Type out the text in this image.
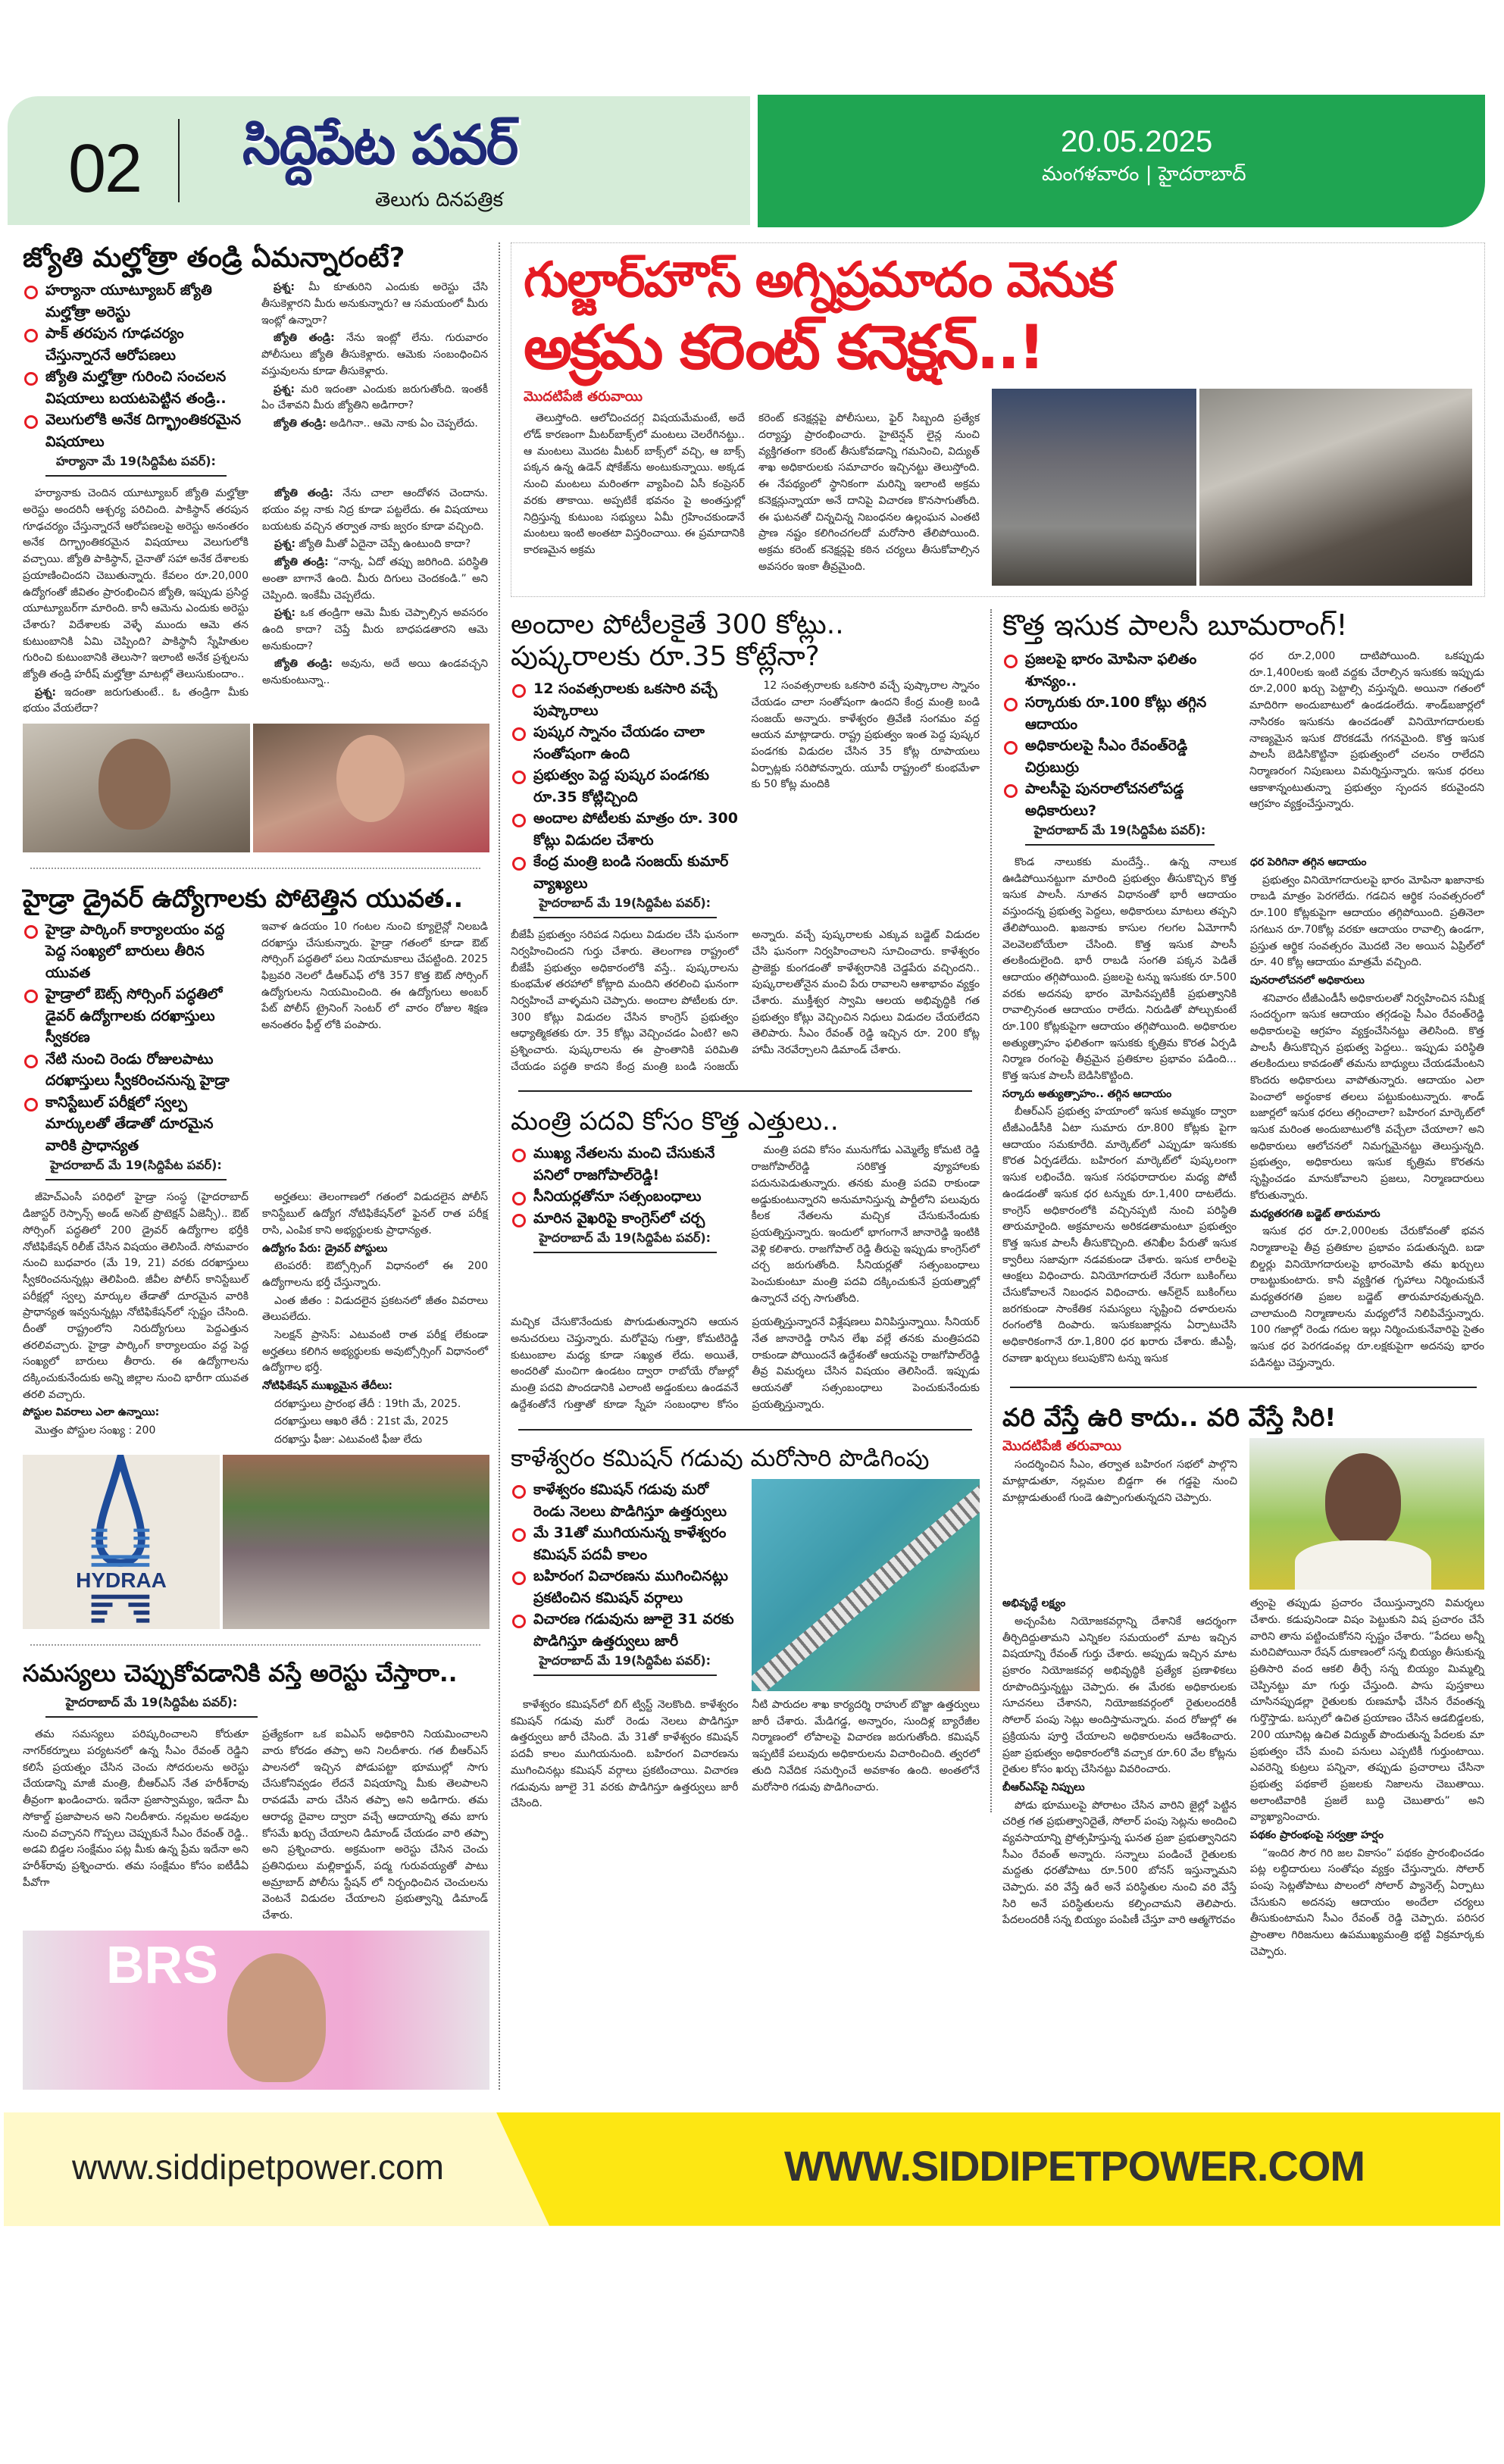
02 సిద్దిపేట పవర్
తెలుగు దినపత్రిక
20.05.2025
మంగళవారం | హైదరాబాద్
జ్యోతి మల్హోత్రా తండ్రి ఏమన్నారంటే?
హర్యానా యూట్యూబర్ జ్యోతి మల్హోత్రా అరెస్టు
పాక్ తరపున గూఢచర్యం చేస్తున్నారనే ఆరోపణలు
జ్యోతి మల్హోత్రా గురించి సంచలన విషయాలు బయటపెట్టిన తండ్రి..
వెలుగులోకి అనేక దిగ్భ్రాంతికరమైన విషయాలు
హర్యానా మే 19(సిద్దిపేట పవర్):

ప్రశ్న: మీ కూతురిని ఎందుకు అరెస్టు చేసి తీసుకెళ్లారని మీరు అనుకున్నారు? ఆ సమయంలో మీరు ఇంట్లో ఉన్నారా?

జ్యోతి తండ్రి: నేను ఇంట్లో లేను. గురువారం పోలీసులు జ్యోతి తీసుకెళ్లారు. ఆమెకు సంబంధించిన వస్తువులను కూడా తీసుకెళ్లారు.

ప్రశ్న: మరి ఇదంతా ఎందుకు జరుగుతోంది. ఇంతకీ ఏం చేశావని మీరు జ్యోతిని అడిగారా?

జ్యోతి తండ్రి: అడిగినా.. ఆమె నాకు ఏం చెప్పలేదు.

హర్యానాకు చెందిన యూట్యూబర్ జ్యోతి మల్హోత్రా అరెస్టు అందరినీ ఆశ్చర్య పరిచింది. పాకిస్థాన్ తరపున గూఢచర్యం చేస్తున్నారనే ఆరోపణలపై అరెస్టు అనంతరం అనేక దిగ్భ్రాంతికరమైన విషయాలు వెలుగులోకి వచ్చాయి. జ్యోతి పాకిస్థాన్, చైనాతో సహా అనేక దేశాలకు ప్రయాణించిందని చెబుతున్నారు. కేవలం రూ.20,000 ఉద్యోగంతో జీవితం ప్రారంభించిన జ్యోతి, ఇప్పుడు ప్రసిద్ధ యూట్యూబర్‌గా మారింది. కానీ ఆమెను ఎందుకు అరెస్టు చేశారు? విదేశాలకు వెళ్ళే ముందు ఆమె తన కుటుంబానికి ఏమి చెప్పింది? పాకిస్థానీ స్నేహితుల గురించి కుటుంబానికి తెలుసా? ఇలాంటి అనేక ప్రశ్నలను జ్యోతి తండ్రి హరీష్ మల్హోత్రా మాటల్లో తెలుసుకుందాం..

ప్రశ్న: ఇదంతా జరుగుతుంటే.. ఓ తండ్రిగా మీకు భయం వేయలేదా?

జ్యోతి తండ్రి: నేను చాలా ఆందోళన చెందాను. భయం వల్ల నాకు నిద్ర కూడా పట్టలేదు. ఈ విషయాలు బయటకు వచ్చిన తర్వాత నాకు జ్వరం కూడా వచ్చింది.

ప్రశ్న: జ్యోతి మీతో ఏదైనా చెప్పే ఉంటుంది కాదా?

జ్యోతి తండ్రి: “నాన్న, ఏదో తప్పు జరిగింది. పరిస్థితి అంతా బాగానే ఉంది. మీరు దిగులు చెందకండి.” అని చెప్పింది. ఇంకేమీ చెప్పలేదు.

ప్రశ్న: ఒక తండ్రిగా ఆమె మీకు చెప్పాల్సిన అవసరం ఉంది కాదా? చెప్తే మీరు బాధపడతారని ఆమె అనుకుందా?

జ్యోతి తండ్రి: అవును, అదే అయి ఉండవచ్చని అనుకుంటున్నా..

హైడ్రా డ్రైవర్ ఉద్యోగాలకు పోటెత్తిన యువత..
హైడ్రా పార్కింగ్ కార్యాలయం వద్ద పెద్ద సంఖ్యలో బారులు తీరిన యువత
హైడ్రాలో ఔట్స్ సోర్సింగ్ పద్ధతిలో డైవర్ ఉద్యోగాలకు దరఖాస్తులు స్వీకరణ
నేటి నుంచి రెండు రోజులపాటు దరఖాస్తులు స్వీకరించనున్న హైడ్రా
కానిస్టేబుల్ పరీక్షలో స్వల్ప మార్కులతో తేడాతో దూరమైన వారికి ప్రాధాన్యత
హైదరాబాద్ మే 19(సిద్దిపేట పవర్):

ఇవాళ ఉదయం 10 గంటల నుంచి క్యూలైన్లో నిలబడి దరఖాస్తు చేసుకున్నారు. హైడ్రా గతంలో కూడా ఔట్ సోర్సింగ్ పద్ధతిలో పలు నియామకాలు చేపట్టింది. 2025 ఫిబ్రవరి నెలలో డీఆర్ఎఫ్ లోకి 357 కొత్త ఔట్ సోర్సింగ్ ఉద్యోగులను నియమించింది. ఈ ఉద్యోగులు అంబర్ పేట్ పోలీస్ ట్రైనింగ్ సెంటర్ లో వారం రోజుల శిక్షణ అనంతరం ఫీల్డ్ లోకి పంపారు.

జీహెచ్ఎంసీ పరిధిలో హైడ్రా సంస్థ (హైదరాబాద్ డిజాస్టర్ రెస్పాన్స్ అండ్ అసెట్ ప్రొటెక్షన్ ఏజెన్సీ).. ఔట్ సోర్సింగ్ పద్ధతిలో 200 డ్రైవర్ ఉద్యోగాల భర్తీకి నోటిఫికేషన్ రిలీజ్ చేసిన విషయం తెలిసిందే. సోమవారం నుంచి బుధవారం (మే 19, 21) వరకు దరఖాస్తులు స్వీకరించనున్నట్లు తెలిపింది. జీవీల పోలీస్ కానిస్టేబుల్ పరీక్షల్లో స్వల్ప మార్కుల తేడాతో దూరమైన వారికి ప్రాధాన్యత ఇవ్వనున్నట్లు నోటిఫికేషన్‌లో స్పష్టం చేసింది. దీంతో రాష్ట్రంలోని నిరుద్యోగులు పెద్దఎత్తున తరలివచ్చారు. హైడ్రా పార్కింగ్ కార్యాలయం వద్ద పెద్ద సంఖ్యలో బారులు తీరారు. ఈ ఉద్యోగాలను దక్కించుకునేందుకు అన్ని జిల్లాల నుంచి భారీగా యువత తరలి వచ్చారు.

పోస్టుల వివరాలు ఎలా ఉన్నాయి:

మొత్తం పోస్టుల సంఖ్య : 200

అర్హతలు: తెలంగాణలో గతంలో విడుదలైన పోలీస్ కానిస్టేబుల్ ఉద్యోగ నోటిఫికేషన్‌లో ఫైనల్ రాత పరీక్ష రాసి, ఎంపిక కాని అభ్యర్థులకు ప్రాధాన్యత.

ఉద్యోగం పేరు: డ్రైవర్ పోస్టులు

టెంపరరీ: ఔట్సోర్సింగ్ విధానంలో ఈ 200 ఉద్యోగాలను భర్తీ చేస్తున్నారు.

ఎంత జీతం : విడుదలైన ప్రకటనలో జీతం వివరాలు తెలుపలేదు.

సెలక్షన్ ప్రాసెస్: ఎటువంటి రాత పరీక్ష లేకుండా అర్హతలు కలిగిన అభ్యర్థులకు అవుట్సోర్సింగ్ విధానంలో ఉద్యోగాల భర్తీ.

నోటిఫికేషన్ ముఖ్యమైన తేదీలు:

దరఖాస్తులు ప్రారంభ తేదీ : 19th మే, 2025.

దరఖాస్తులు ఆఖరి తేదీ : 21st మే, 2025

దరఖాస్తు ఫీజు: ఎటువంటి ఫీజు లేదు

HYDRAA
సమస్యలు చెప్పుకోవడానికి వస్తే అరెస్టు చేస్తారా..
హైదరాబాద్ మే 19(సిద్దిపేట పవర్):

తమ సమస్యలు పరిష్కరించాలని కోరుతూ నాగర్‌కర్నూలు పర్యటనలో ఉన్న సీఎం రేవంత్ రెడ్డిని కలిసే ప్రయత్నం చేసిన చెంచు సోదరులను అరెస్టు చేయడాన్ని మాజీ మంత్రి, బీఆర్ఎస్ నేత హరీశ్‌రావు తీవ్రంగా ఖండించారు. ఇదేనా ప్రజాస్వామ్యం, ఇదేనా మీ సోకాల్డ్ ప్రజాపాలన అని నిలదీశారు. నల్లమల అడవుల నుంచి వచ్చానని గొప్పలు చెప్పుకునే సీఎం రేవంత్ రెడ్డి.. అడవి బిడ్డల సంక్షేమం పట్ల మీకు ఉన్న ప్రేమ ఇదేనా అని హరీశ్‌రావు ప్రశ్నించారు. తమ సంక్షేమం కోసం ఐటీడీఏ పీవోగా

ప్రత్యేకంగా ఒక ఐఏఎస్ అధికారిని నియమించాలని వారు కోరడం తప్పా అని నిలదీశారు. గత బీఆర్ఎస్ పాలనలో ఇచ్చిన పోడుపట్టా భూముల్లో సాగు చేసుకోనివ్వడం లేదనే విషయాన్ని మీకు తెలపాలని రావడమే వారు చేసిన తప్పా అని అడిగారు. తమ ఆరాధ్య దైవాల ద్వారా వచ్చే ఆదాయాన్ని తమ బాగు కోసమే ఖర్చు చేయాలని డిమాండ్ చేయడం వారి తప్పా అని ప్రశ్నించారు. అక్రమంగా అరెస్టు చేసిన చెంచు ప్రతినిధులు మల్లికార్జున్, పద్మ గురువయ్యతో పాటు అమ్రాబాద్ పోలీసు స్టేషన్ లో నిర్బంధించిన చెంచులను వెంటనే విడుదల చేయాలని ప్రభుత్వాన్ని డిమాండ్ చేశారు.

BRS
గుల్జార్‌హౌస్ అగ్నిప్రమాదం వెనుక
అక్రమ కరెంట్ కనెక్షన్..!
మొదటిపేజీ తరువాయి

తెలుస్తోంది. ఆలోచించదగ్గ విషయమేమంటే, అదే లోడ్ కారణంగా మీటర్‌బాక్స్‌లో మంటలు చెలరేగినట్టు.. ఆ మంటలు మొదట మీటర్ బాక్స్‌లో వచ్చి, ఆ బాక్స్ పక్కన ఉన్న ఉడెన్ షోకేజ్‌ను అంటుకున్నాయి. అక్కడ నుంచి మంటలు మరింతగా వ్యాపించి ఏసీ కంప్రెసర్ వరకు తాకాయి. అప్పటికే భవనం పై అంతస్తుల్లో నిద్రిస్తున్న కుటుంబ సభ్యులు ఏమీ గ్రహించకుండానే మంటలు ఇంటి అంతటా విస్తరించాయి. ఈ ప్రమాదానికి కారణమైన అక్రమ

కరెంట్ కనెక్షన్లపై పోలీసులు, ఫైర్ సిబ్బంది ప్రత్యేక దర్యాప్తు ప్రారంభించారు. హైటెన్షన్ లైన్ల నుంచి వ్యక్తిగతంగా కరెంట్ తీసుకోవడాన్ని గమనించి, విద్యుత్ శాఖ అధికారులకు సమాచారం ఇచ్చినట్టు తెలుస్తోంది. ఈ నేపథ్యంలో స్థానికంగా మరిన్ని ఇలాంటి అక్రమ కనెక్షన్లున్నాయా అనే దానిపై విచారణ కొనసాగుతోంది. ఈ ఘటనతో చిన్నచిన్న నిబంధనల ఉల్లంఘన ఎంతటి ప్రాణ నష్టం కలిగించగలదో మరోసారి తేలిపోయింది. అక్రమ కరెంట్ కనెక్షన్లపై కఠిన చర్యలు తీసుకోవాల్సిన అవసరం ఇంకా తీవ్రమైంది.

అందాల పోటీలకైతే 300 కోట్లు.. పుష్కరాలకు రూ.35 కోట్లేనా?
12 సంవత్సరాలకు ఒకసారి వచ్చే పుష్కారాలు
పుష్కర స్నానం చేయడం చాలా సంతోషంగా ఉంది
ప్రభుత్వం పెద్ద పుష్కర పండగకు రూ.35 కోట్లిచ్చింది
అందాల పోటీలకు మాత్రం రూ. 300 కోట్లు విడుదల చేశారు
కేంద్ర మంత్రి బండి సంజయ్ కుమార్ వ్యాఖ్యలు
హైదరాబాద్ మే 19(సిద్దిపేట పవర్):

12 సంవత్సరాలకు ఒకసారి వచ్చే పుష్కారాల స్నానం చేయడం చాలా సంతోషంగా ఉందని కేంద్ర మంత్రి బండి సంజయ్ అన్నారు. కాళేశ్వరం త్రివేణి సంగమం వద్ద ఆయన మాట్లాడారు. రాష్ట్ర ప్రభుత్వం ఇంత పెద్ద పుష్కర పండగకు విడుదల చేసిన 35 కోట్ల రూపాయలు ఏర్పాట్లకు సరిపోవన్నారు. యూపీ రాష్ట్రంలో కుంభమేళా కు 50 కోట్ల మందికి

బీజేపీ ప్రభుత్వం సరిపడ నిధులు విడుదల చేసి ఘనంగా నిర్వహించిందని గుర్తు చేశారు. తెలంగాణ రాష్ట్రంలో బీజేపీ ప్రభుత్వం అధికారంలోకి వస్తే.. పుష్కరాలను కుంభమేళ తరహాలో కోట్లాది మందిని తరలించి ఘనంగా నిర్వహించే వాళ్ళమని చెప్పారు. అందాల పోటీలకు రూ. 300 కోట్లు విడుదల చేసిన కాంగ్రెస్ ప్రభుత్వం ఆధ్యాత్మికతకు రూ. 35 కోట్లు వెచ్చించడం ఏంటి? అని ప్రశ్నించారు. పుష్కరాలను ఈ ప్రాంతానికి పరిమితి చేయడం పద్ధతి కాదని కేంద్ర మంత్రి బండి సంజయ్ అన్నారు. వచ్చే పుష్కరాలకు ఎక్కువ బడ్జెట్ విడుదల చేసి ఘనంగా నిర్వహించాలని సూచించారు. కాళేశ్వరం ప్రాజెక్టు కుంగడంతో కాళేశ్వరానికి చెడ్డపేరు వచ్చిందని.. పుష్కరాలతోనైన మంచి పేరు రావాలని ఆశాభావం వ్యక్తం చేశారు. ముక్తీశ్వర స్వామి ఆలయ అభివృద్ధికి గత ప్రభుత్వం కోట్లు వెచ్చించిన నిధులు విడుదల చేయలేదని తెలిపారు. సీఎం రేవంత్ రెడ్డి ఇచ్చిన రూ. 200 కోట్ల హామీ నెరవేర్చాలని డిమాండ్ చేశారు.

మంత్రి పదవి కోసం కొత్త ఎత్తులు..
ముఖ్య నేతలను మంచి చేసుకునే పనిలో రాజగోపాల్‌రెడ్డి!
సీనియర్లతోనూ సత్సంబంధాలు
మారిన వైఖరిపై కాంగ్రెస్‌లో చర్చ
హైదరాబాద్ మే 19(సిద్దిపేట పవర్):

మంత్రి పదవి కోసం మునుగోడు ఎమ్మెల్యే కోమటి రెడ్డి రాజగోపాల్‌రెడ్డి సరికొత్త వ్యూహాలకు పదునుపెడుతున్నారు. తనకు మంత్రి పదవి రాకుండా అడ్డుకుంటున్నారని అనుమానిస్తున్న పార్టీలోని పలువురు కీలక నేతలను మచ్చిక చేసుకునేందుకు ప్రయత్నిస్తున్నారు. ఇందులో భాగంగానే జానారెడ్డి ఇంటికి వెళ్లి కలిశారు. రాజగోపాల్ రెడ్డి తీరుపై ఇప్పుడు కాంగ్రెస్‌లో చర్చ జరుగుతోంది. సీనియర్లతో సత్సంబంధాలు పెంచుకుంటూ మంత్రి పదవి దక్కించుకునే ప్రయత్నాల్లో ఉన్నారనే చర్చ సాగుతోంది.

మచ్చిక చేసుకొనేందుకు పొగుడుతున్నారని ఆయన అనుచరులు చెప్తున్నారు. మరోవైపు గుత్తా, కోమటిరెడ్డి కుటుంబాల మధ్య కూడా సఖ్యత లేదు. అయితే, అందరితో మంచిగా ఉండటం ద్వారా రాబోయే రోజుల్లో మంత్రి పదవి పొందడానికి ఎలాంటి అడ్డంకులు ఉండవనే ఉద్దేశంతోనే గుత్తాతో కూడా స్నేహ సంబంధాల కోసం ప్రయత్నిస్తున్నారనే విశ్లేషణలు వినిపిస్తున్నాయి. సీనియర్ నేత జానారెడ్డి రాసిన లేఖ వల్లే తనకు మంత్రిపదవి రాకుండా పోయిందనే ఉద్దేశంతో ఆయనపై రాజగోపాల్‌రెడ్డి తీవ్ర విమర్శలు చేసిన విషయం తెలిసిందే. ఇప్పుడు ఆయనతో సత్సంబంధాలు పెంచుకునేందుకు ప్రయత్నిస్తున్నారు.

కాళేశ్వరం కమిషన్ గడువు మరోసారి పొడిగింపు
కాళేశ్వరం కమిషన్ గడువు మరో రెండు నెలలు పొడిగిస్తూ ఉత్తర్వులు
మే 31తో ముగియనున్న కాళేశ్వరం కమిషన్ పదవీ కాలం
బహిరంగ విచారణను ముగించినట్లు ప్రకటించిన కమిషన్ వర్గాలు
విచారణ గడువును జూలై 31 వరకు పొడిగిస్తూ ఉత్తర్వులు జారీ
హైదరాబాద్ మే 19(సిద్దిపేట పవర్):

కాళేశ్వరం కమిషన్‌లో బిగ్ ట్విస్ట్ నెలకొంది. కాళేశ్వరం కమిషన్ గడువు మరో రెండు నెలలు పొడిగిస్తూ ఉత్తర్వులు జారీ చేసింది. మే 31తో కాళేశ్వరం కమిషన్ పదవీ కాలం ముగియనుంది. బహిరంగ విచారణను ముగించినట్లు కమిషన్ వర్గాలు ప్రకటించాయి. విచారణ గడువును జూలై 31 వరకు పొడిగిస్తూ ఉత్తర్వులు జారీ చేసింది.

నీటి పారుదల శాఖ కార్యదర్శి రాహుల్ బొజ్జా ఉత్తర్వులు జారీ చేశారు. మేడిగడ్డ, అన్నారం, సుందిళ్ల బ్యారేజీల నిర్మాణంలో లోపాలపై విచారణ జరుగుతోంది. కమిషన్ ఇప్పటికే పలువురు అధికారులను విచారించింది. త్వరలో తుది నివేదిక సమర్పించే అవకాశం ఉంది. అంతలోనే మరోసారి గడువు పొడిగించారు.

కొత్త ఇసుక పాలసీ బూమరాంగ్!
ప్రజలపై భారం మోపినా ఫలితం శూన్యం..
సర్కారుకు రూ.100 కోట్లు తగ్గిన ఆదాయం
అధికారులపై సీఎం రేవంత్‌రెడ్డి చిర్రుబుర్రు
పాలసీపై పునరాలోచనలోపడ్డ అధికారులు?
హైదరాబాద్ మే 19(సిద్దిపేట పవర్):

ధర రూ.2,000 దాటిపోయింది. ఒకప్పుడు రూ.1,400లకు ఇంటి వద్దకు చేరాల్సిన ఇసుకకు ఇప్పుడు రూ.2,000 ఖర్చు పెట్టాల్సి వస్తున్నది. అయినా గతంలో మాదిరిగా అందుబాటులో ఉండడంలేదు. శాండ్‌బజార్లలో నాసిరకం ఇసుకను ఉంచడంతో వినియోగదారులకు నాణ్యమైన ఇసుక దొరకడమే గగనమైంది. కొత్త ఇసుక పాలసీ బెడిసికొట్టినా ప్రభుత్వంలో చలనం రాలేదని నిర్మాణరంగ నిపుణులు విమర్శిస్తున్నారు. ఇసుక ధరలు ఆకాశాన్నంటుతున్నా ప్రభుత్వం స్పందన కరువైందని ఆగ్రహం వ్యక్తంచేస్తున్నారు.

కొండ నాలుకకు మందేస్తే.. ఉన్న నాలుక ఊడిపోయినట్టుగా మారింది ప్రభుత్వం తీసుకొచ్చిన కొత్త ఇసుక పాలసీ. నూతన విధానంతో భారీ ఆదాయం వస్తుందన్న ప్రభుత్వ పెద్దలు, అధికారులు మాటలు తప్పని తేలిపోయింది. ఖజనాకు కాసుల గలగల ఏమోగానీ వెలవెలబోయేలా చేసింది. కొత్త ఇసుక పాలసీ తలకిందులైంది. భారీ రాబడి సంగతి పక్కన పెడితే ఆదాయం తగ్గిపోయింది. ప్రజలపై టన్ను ఇసుకకు రూ.500 వరకు అదనపు భారం మోపినప్పటికీ ప్రభుత్వానికి రావాల్సినంత ఆదాయం రాలేదు. నిరుడితో పోల్చుకుంటే రూ.100 కోట్లకుపైగా ఆదాయం తగ్గిపోయింది. అధికారుల అత్యుత్సాహం ఫలితంగా ఇసుకకు కృత్రిమ కొరత ఏర్పడి నిర్మాణ రంగంపై తీవ్రమైన ప్రతికూల ప్రభావం పడింది... కొత్త ఇసుక పాలసీ బెడిసికొట్టింది.

సర్కారు అత్యుత్సాహం.. తగ్గిన ఆదాయం

బీఆర్ఎస్ ప్రభుత్వ హయాంలో ఇసుక అమ్మకం ద్వారా టీజీఎండీసీకి ఏటా సుమారు రూ.800 కోట్లకు పైగా ఆదాయం సమకూరేది. మార్కెట్‌లో ఎప్పుడూ ఇసుకకు కొరత ఏర్పడలేదు. బహిరంగ మార్కెట్‌లో పుష్కలంగా ఇసుక లభించేది. ఇసుక సరఫరాదారుల మధ్య పోటీ ఉండడంతో ఇసుక ధర టన్నుకు రూ.1,400 దాటలేదు. కాంగ్రెస్ అధికారంలోకి వచ్చినప్పటి నుంచి పరిస్థితి తారుమారైంది. అక్రమాలను అరికడతామంటూ ప్రభుత్వం కొత్త ఇసుక పాలసీ తీసుకొచ్చింది. తనిఖీల పేరుతో ఇసుక క్వారీలు సజావుగా నడవకుండా చేశారు. ఇసుక లారీలపై ఆంక్షలు విధించారు. వినియోగదారులే నేరుగా బుకింగ్‌లు చేసుకోవాలనే నిబంధన విధించారు. ఆన్‌లైన్ బుకింగ్‌లు జరగకుండా సాంకేతిక సమస్యలు సృష్టించి దళారులను రంగంలోకి దింపారు. ఇసుకబజార్లను ఏర్పాటుచేసి అధికారికంగానే రూ.1,800 ధర ఖరారు చేశారు. జీఎస్టీ, రవాణా ఖర్చులు కలుపుకొని టన్ను ఇసుక

ధర పెరిగినా తగ్గిన ఆదాయం

ప్రభుత్వం వినియోగదారులపై భారం మోపినా ఖజానాకు రాబడి మాత్రం పెరగలేదు. గడచిన ఆర్థిక సంవత్సరంలో రూ.100 కోట్లకుపైగా ఆదాయం తగ్గిపోయింది. ప్రతినెలా సగటున రూ.70కోట్ల వరకూ ఆదాయం రావాల్సి ఉండగా, ప్రస్తుత ఆర్థిక సంవత్సరం మొదటి నెల అయిన ఏప్రిల్‌లో రూ. 40 కోట్ల ఆదాయం మాత్రమే వచ్చింది.

పునరాలోచనలో అధికారులు

శనివారం టీజీఎండీసీ అధికారులతో నిర్వహించిన సమీక్ష సందర్భంగా ఇసుక ఆదాయం తగ్గడంపై సీఎం రేవంత్‌రెడ్డి అధికారులపై ఆగ్రహం వ్యక్తంచేసినట్టు తెలిసింది. కొత్త పాలసీ తీసుకొచ్చిన ప్రభుత్వ పెద్దలు.. ఇప్పుడు పరిస్థితి తలకిందులు కావడంతో తమను బాధ్యులు చేయడమేంటని కొందరు అధికారులు వాపోతున్నారు. ఆదాయం ఎలా పెంచాలో అర్థంకాక తలలు పట్టుకుంటున్నారు. శాండ్ బజార్లలో ఇసుక ధరలు తగ్గించాలా? బహిరంగ మార్కెట్‌లో ఇసుక మరింత అందుబాటులోకి వచ్చేలా చేయాలా? అని అధికారులు ఆలోచనలో నిమగ్నమైనట్టు తెలుస్తున్నది. ప్రభుత్వం, అధికారులు ఇసుక కృత్రిమ కొరతను సృష్టించడం మానుకోవాలని ప్రజలు, నిర్మాణదారులు కోరుతున్నారు.

మధ్యతరగతి బడ్జెట్ తారుమారు

ఇసుక ధర రూ.2,000లకు చేరుకోవంతో భవన నిర్మాణాలపై తీవ్ర ప్రతికూల ప్రభావం పడుతున్నది. బడా బిల్డర్లు వినియోగదారులపై భారంమోపి తమ ఖర్చులు రాబట్టుకుంటారు. కానీ వ్యక్తిగత గృహాలు నిర్మించుకునే మధ్యతరగతి ప్రజల బడ్జెట్ తారుమారవుతున్నది. చాలామంది నిర్మాణాలను మధ్యలోనే నిలిపివేస్తున్నారు. 100 గజాల్లో రెండు గదుల ఇల్లు నిర్మించుకునేవారిపై సైతం ఇసుక ధర పెరగడంవల్ల రూ.లక్షకుపైగా అదనపు భారం పడినట్టు చెప్తున్నారు.

వరి వేస్తే ఉరి కాదు.. వరి వేస్తే సిరి!
మొదటిపేజీ తరువాయి

సందర్శించిన సీఎం, తర్వాత బహిరంగ సభలో పాల్గొని మాట్లాడుతూ, నల్లమల బిడ్డగా ఈ గడ్డపై నుంచి మాట్లాడుతుంటే గుండె ఉప్పొంగుతున్నదని చెప్పారు.

అభివృద్ధే లక్ష్యం

అచ్చంపేట నియోజకవర్గాన్ని దేశానికే ఆదర్శంగా తీర్చిదిద్దుతామని ఎన్నికల సమయంలో మాట ఇచ్చిన విషయాన్ని రేవంత్ గుర్తు చేశారు. అప్పుడు ఇచ్చిన మాట ప్రకారం నియోజకవర్గ అభివృద్ధికి ప్రత్యేక ప్రణాళికలు రూపొందిస్తున్నట్టు చెప్పారు. ఈ మేరకు అధికారులకు సూచనలు చేశానని, నియోజకవర్గంలో రైతులందరికీ సోలార్ పంపు సెట్లు అందిస్తామన్నారు. వంద రోజుల్లో ఈ ప్రక్రియను పూర్తి చేయాలని అధికారులను ఆదేశించారు. ప్రజా ప్రభుత్వం అధికారంలోకి వచ్చాక రూ.60 వేల కోట్లను రైతుల కోసం ఖర్చు చేసినట్టు వివరించారు.

బీఆర్ఎస్‌పై నిప్పులు

పోడు భూములపై పోరాటం చేసిన వారిని జైల్లో పెట్టిన చరిత్ర గత ప్రభుత్వానిదైతే, సోలార్ పంపు సెట్లను అందించి వ్యవసాయాన్ని ప్రోత్సహిస్తున్న ఘనత ప్రజా ప్రభుత్వానిదని సీఎం రేవంత్ అన్నారు. సన్నాలు పండించే రైతులకు మద్దతు ధరతోపాటు రూ.500 బోనస్ ఇస్తున్నామని చెప్పారు. వరి వేస్తే ఉరే అనే పరిస్థితుల నుంచి వరి వేస్తే సిరి అనే పరిస్థితులను కల్పించామని తెలిపారు. పేదలందరికీ సన్న బియ్యం పంపిణీ చేస్తూ వారి ఆత్మగౌరవం

త్వంపై తప్పుడు ప్రచారం చేయిస్తున్నారని విమర్శలు చేశారు. కడుపునిండా విషం పెట్టుకుని విష ప్రచారం చేసే వారిని తాను పట్టించుకోనని స్పష్టం చేశారు. “పేదలు అన్నీ మరిచిపోయినా రేషన్ దుకాణంలో సన్న బియ్యం తీసుకున్న ప్రతిసారి వంద ఆకలి తీర్చే సన్న బియ్యం మిమ్మల్ని చెప్పినట్టు మా గుర్తు చేస్తుంది. పాసు పుస్తకాలు చూసినప్పుడల్లా రైతులకు రుణమాఫీ చేసిన రేవంతన్న గుర్తొస్తాడు. బస్సులో ఉచిత ప్రయాణం చేసిన ఆడబిడ్డలకు, 200 యూనిట్ల ఉచిత విద్యుత్ పొందుతున్న పేదలకు మా ప్రభుత్వం చేసే మంచి పనులు ఎప్పటికీ గుర్తుంటాయి. ఎవరెన్ని కుట్రలు పన్నినా, తప్పుడు ప్రచారాలు చేసినా ప్రభుత్వ పథకాలే ప్రజలకు నిజాలను చెబుతాయి. అలాంటివారికి ప్రజలే బుద్ధి చెబుతారు” అని వ్యాఖ్యానించారు.

పథకం ప్రారంభంపై సర్వత్రా హర్షం

“ఇందిర సౌర గిరి జల వికాసం” పథకం ప్రారంభించడం పట్ల లబ్ధిదారులు సంతోషం వ్యక్తం చేస్తున్నారు. సోలార్ పంపు సెట్లతోపాటు పొలంలో సోలార్ ప్యానెల్స్ ఏర్పాటు చేసుకుని అదనపు ఆదాయం అందేలా చర్యలు తీసుకుంటామని సీఎం రేవంత్ రెడ్డి చెప్పారు. పరిసర ప్రాంతాల గిరిజనులు ఉపముఖ్యమంత్రి భట్టి విక్రమార్కకు చెప్పారు.

www.siddipetpower.com	WWW.SIDDIPETPOWER.COM
